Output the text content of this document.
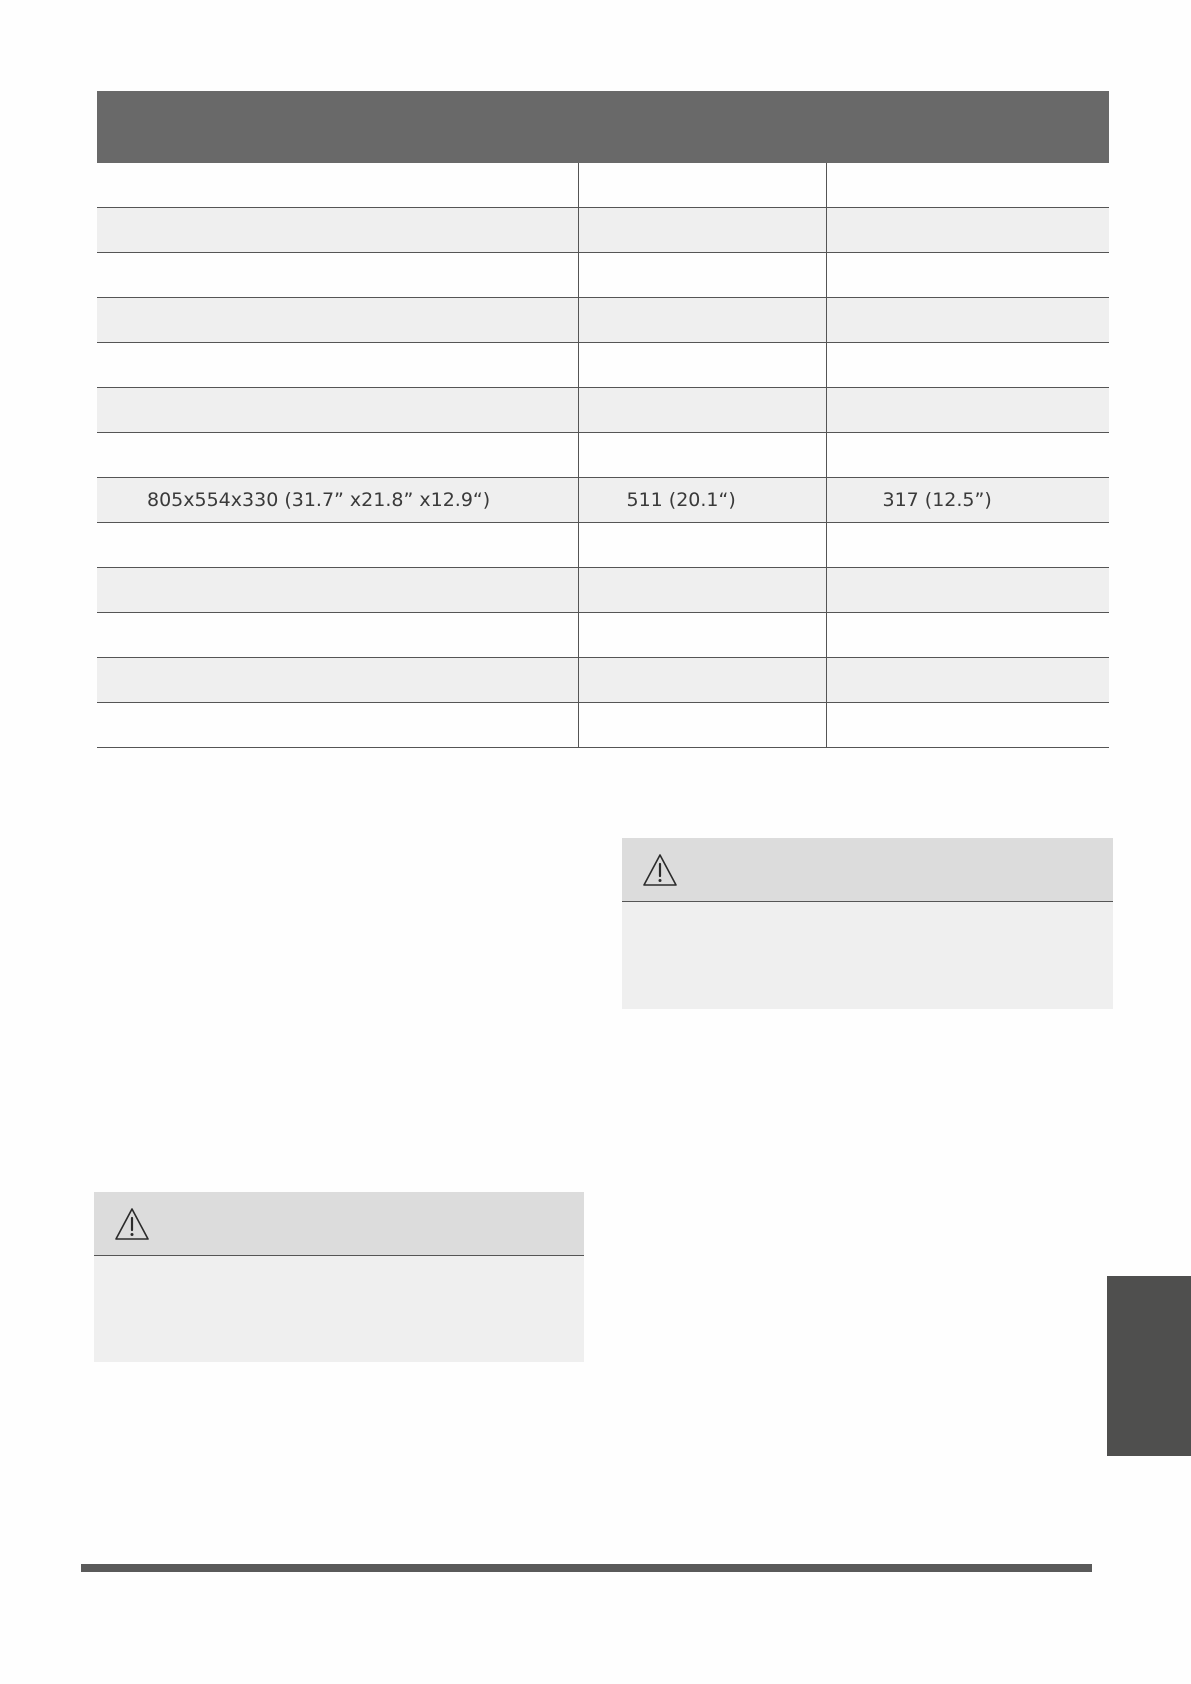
805x554x330 (31.7” x21.8” x12.9“)	511 (20.1“)	317 (12.5”)
